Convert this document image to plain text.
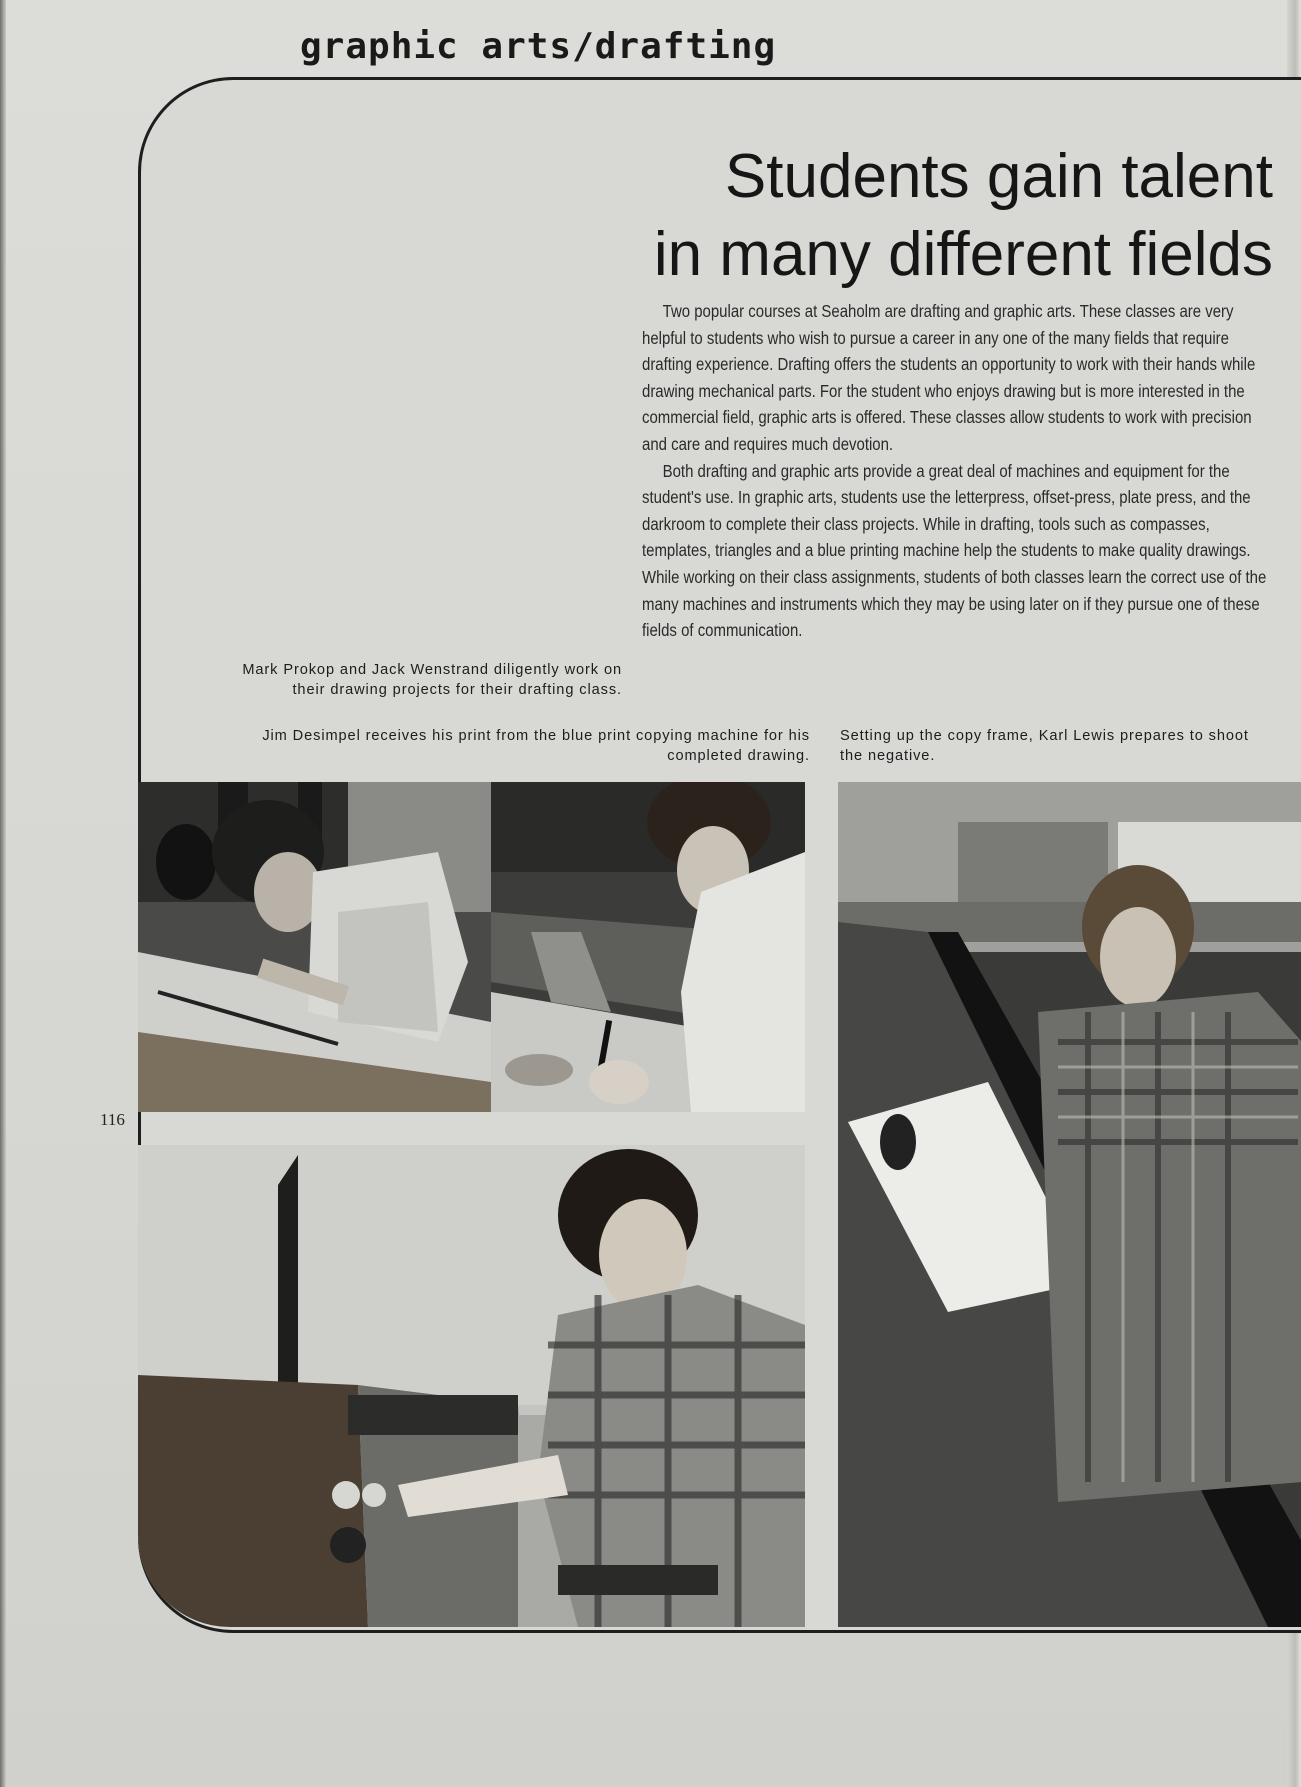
graphic arts/drafting
Students gain talent
in many different fields

Two popular courses at Seaholm are drafting and graphic arts. These classes are very helpful to students who wish to pursue a career in any one of the many fields that require drafting experience. Drafting offers the students an opportunity to work with their hands while drawing mechanical parts. For the student who enjoys drawing but is more interested in the commercial field, graphic arts is offered. These classes allow students to work with precision and care and requires much devotion.

Both drafting and graphic arts provide a great deal of machines and equipment for the student's use. In graphic arts, students use the letterpress, offset-press, plate press, and the darkroom to complete their class projects. While in drafting, tools such as compasses, templates, triangles and a blue printing machine help the students to make quality drawings. While working on their class assignments, students of both classes learn the correct use of the many machines and instruments which they may be using later on if they pursue one of these fields of communication.

Mark Prokop and Jack Wenstrand diligently work on their drawing projects for their drafting class.
Jim Desimpel receives his print from the blue print copying machine for his completed drawing.
Setting up the copy frame, Karl Lewis prepares to shoot the negative.
116
